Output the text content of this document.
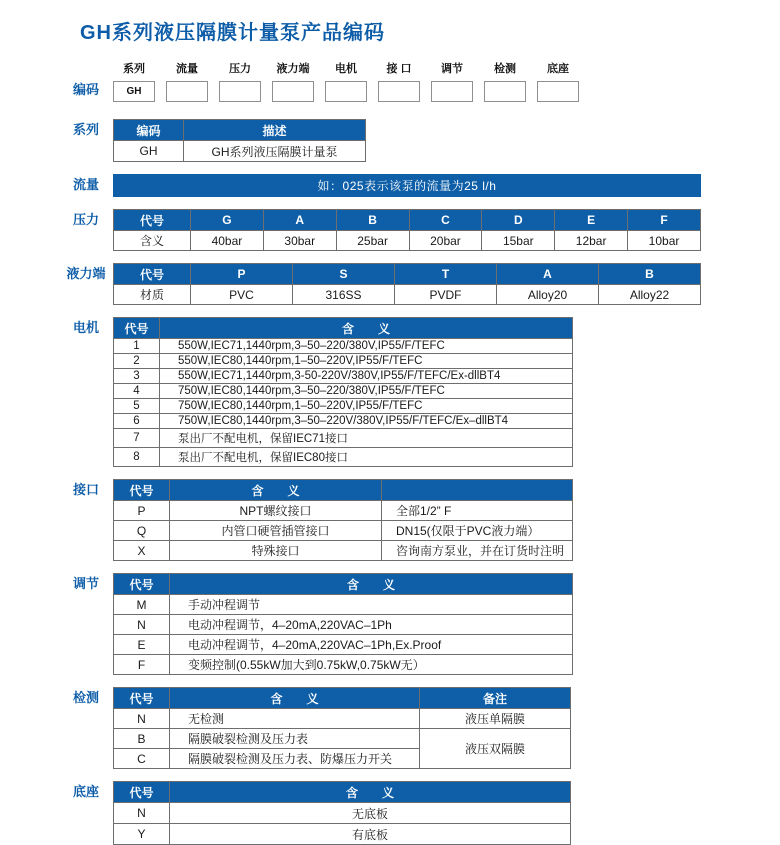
GH系列液压隔膜计量泵产品编码
编码
系列
GH
流量	压力	液力端	电机	接 口	调节	检测	底座
系列	编码	描述
GH	GH系列液压隔膜计量泵
流量	如：025表示该泵的流量为25 l/h
压力	代号	G	A	B	C	D	E	F
含义	40bar	30bar	25bar	20bar	15bar	12bar	10bar
液力端	代号	P	S	T	A	B
材质	PVC	316SS	PVDF	Alloy20	Alloy22
电机	代号	含　　义
1	550W,IEC71,1440rpm,3–50–220/380V,IP55/F/TEFC
2	550W,IEC80,1440rpm,1–50–220V,IP55/F/TEFC
3	550W,IEC71,1440rpm,3-50-220V/380V,IP55/F/TEFC/Ex-dllBT4
4	750W,IEC80,1440rpm,3–50–220/380V,IP55/F/TEFC
5	750W,IEC80,1440rpm,1–50–220V,IP55/F/TEFC
6	750W,IEC80,1440rpm,3–50–220V/380V,IP55/F/TEFC/Ex–dllBT4
7	泵出厂不配电机，保留IEC71接口
8	泵出厂不配电机，保留IEC80接口
接口	代号	含　　义	
P	NPT螺纹接口	全部1/2” F
Q	内管口硬管插管接口	DN15(仅限于PVC液力端）
X	特殊接口	咨询南方泵业，并在订货时注明
调节	代号	含　　义
M	手动冲程调节
N	电动冲程调节，4–20mA,220VAC–1Ph
E	电动冲程调节，4–20mA,220VAC–1Ph,Ex.Proof
F	变频控制(0.55kW加大到0.75kW,0.75kW无）
检测	代号	含　　义	备注
N	无检测	液压单隔膜
B	隔膜破裂检测及压力表	液压双隔膜
C	隔膜破裂检测及压力表、防爆压力开关	
底座	代号	含　　义
N	无底板
Y	有底板
